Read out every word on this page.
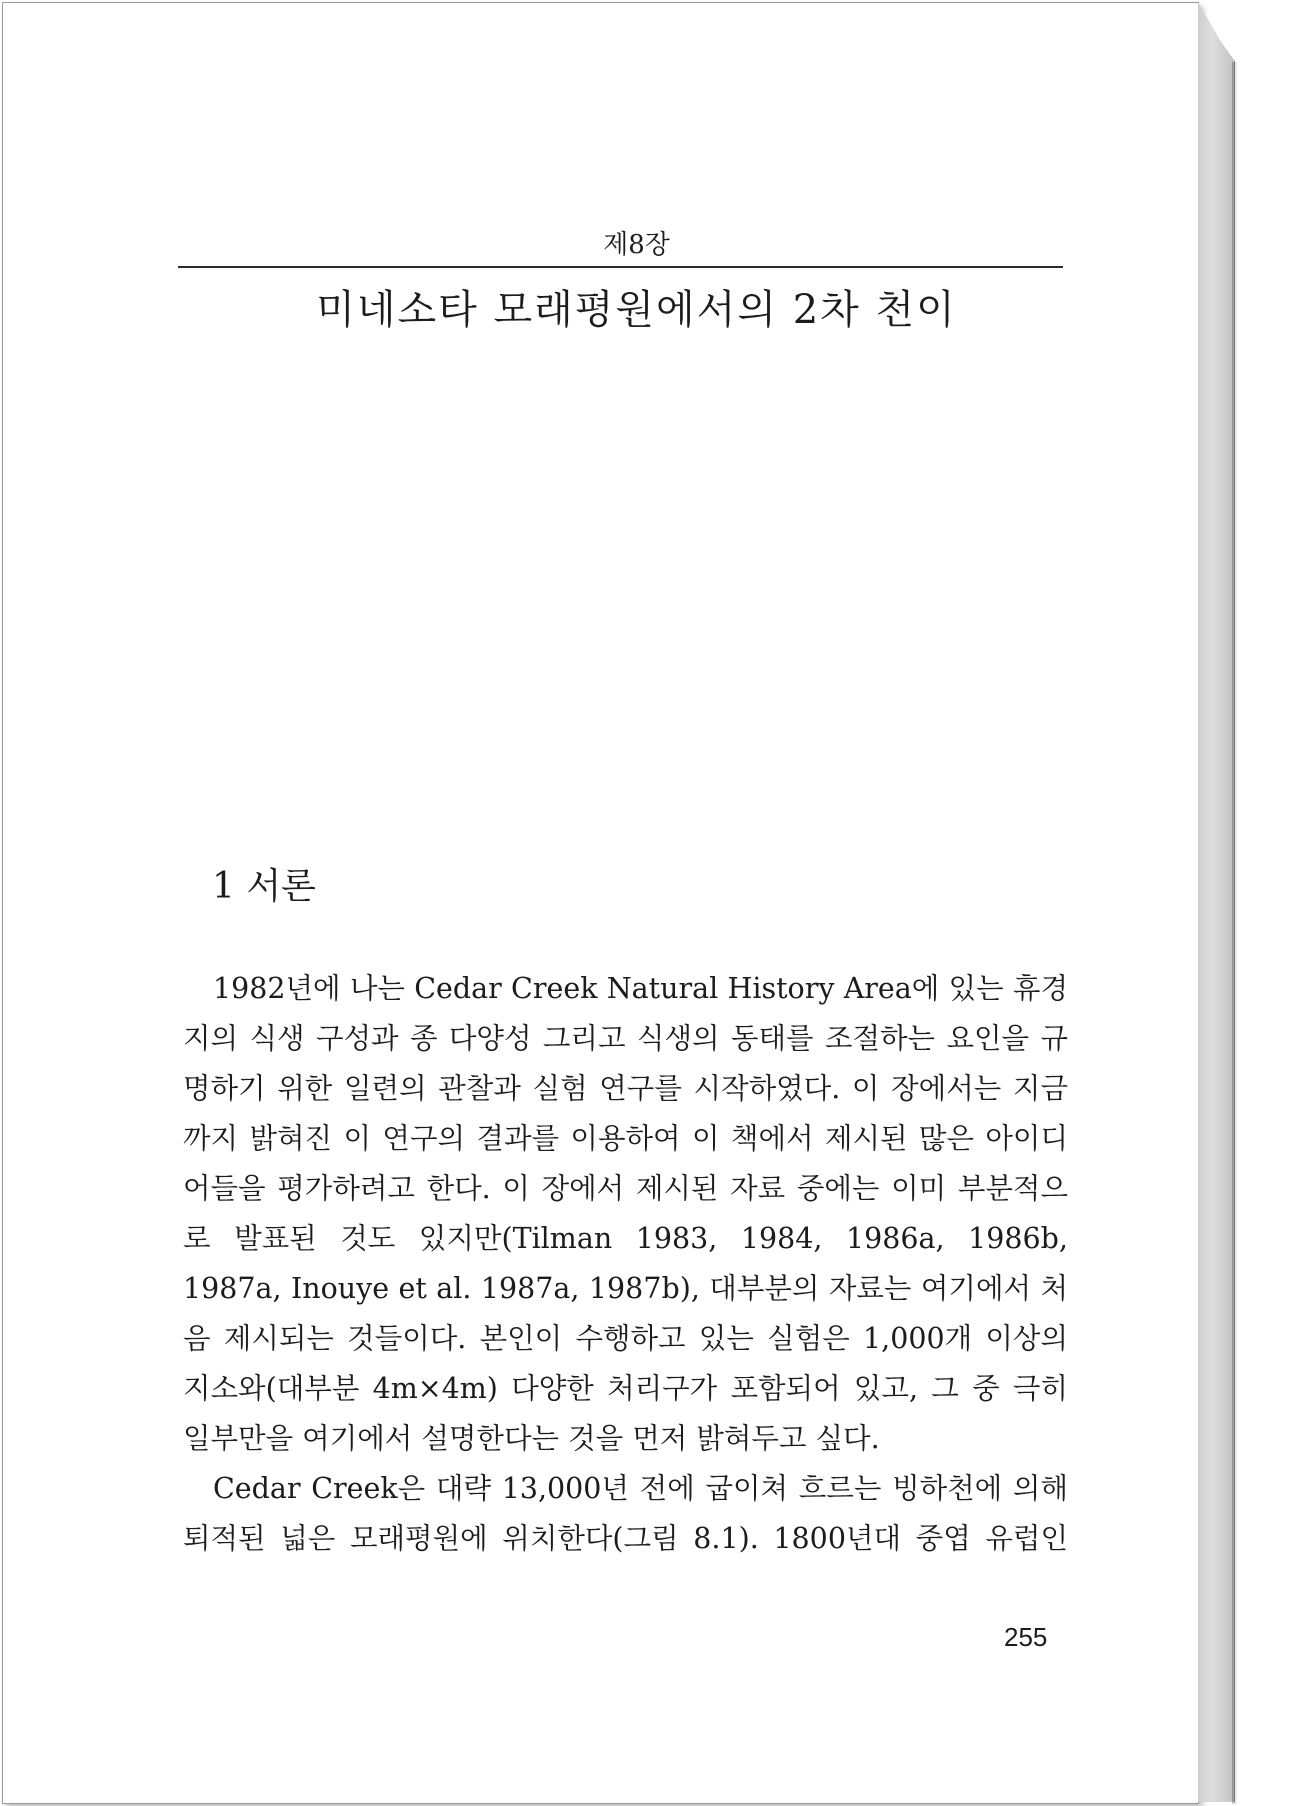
제8장
미네소타 모래평원에서의 2차 천이
1 서론

1982년에 나는 Cedar Creek Natural History Area에 있는 휴경지의 식생 구성과 종 다양성 그리고 식생의 동태를 조절하는 요인을 규명하기 위한 일련의 관찰과 실험 연구를 시작하였다. 이 장에서는 지금까지 밝혀진 이 연구의 결과를 이용하여 이 책에서 제시된 많은 아이디어들을 평가하려고 한다. 이 장에서 제시된 자료 중에는 이미 부분적으로 발표된 것도 있지만(Tilman 1983, 1984, 1986a, 1986b, 1987a, Inouye et al. 1987a, 1987b), 대부분의 자료는 여기에서 처음 제시되는 것들이다. 본인이 수행하고 있는 실험은 1,000개 이상의 지소와(대부분 4m×4m) 다양한 처리구가 포함되어 있고, 그 중 극히 일부만을 여기에서 설명한다는 것을 먼저 밝혀두고 싶다.

Cedar Creek은 대략 13,000년 전에 굽이쳐 흐르는 빙하천에 의해 퇴적된 넓은 모래평원에 위치한다(그림 8.1). 1800년대 중엽 유럽인

255
